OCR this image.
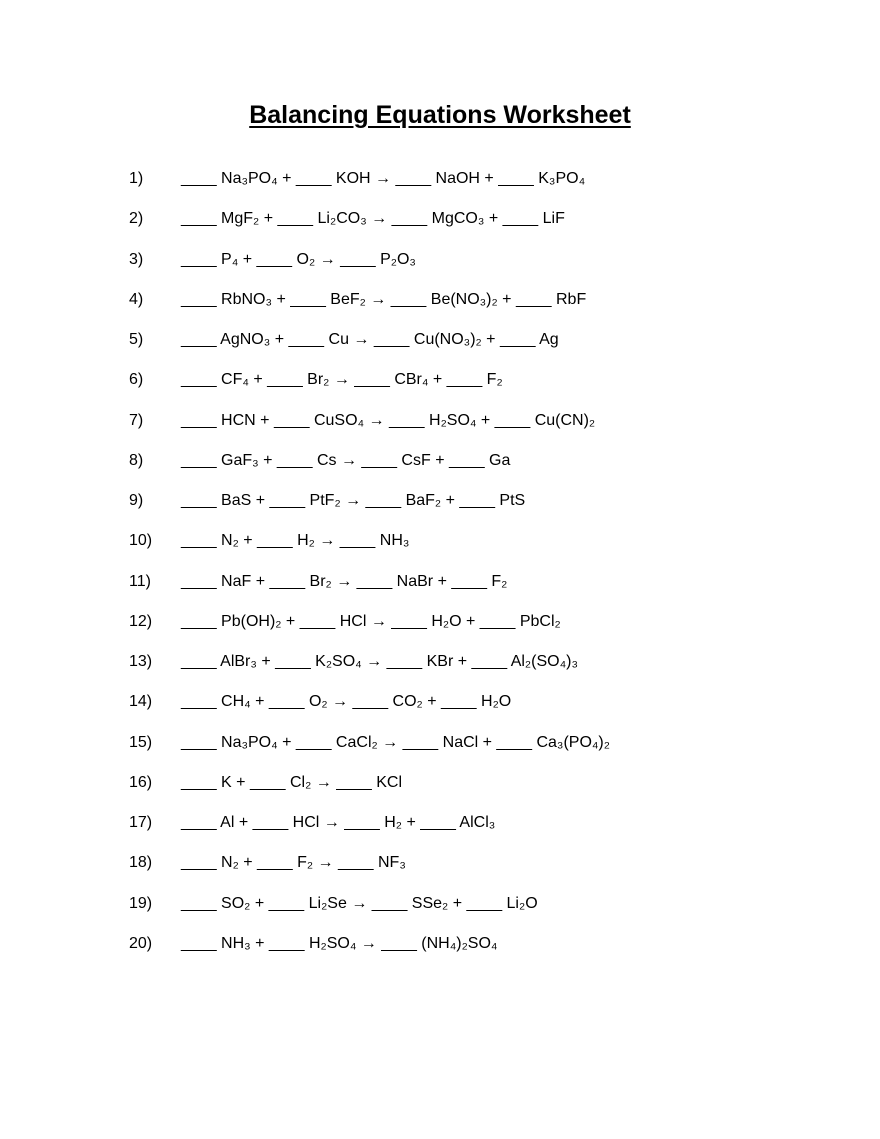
Balancing Equations Worksheet
1)	____ Na₃PO₄ + ____ KOH → ____ NaOH + ____ K₃PO₄
2)	____ MgF₂ + ____ Li₂CO₃ → ____ MgCO₃ + ____ LiF
3)	____ P₄ + ____ O₂ → ____ P₂O₃
4)	____ RbNO₃ + ____ BeF₂ → ____ Be(NO₃)₂ + ____ RbF
5)	____ AgNO₃ + ____ Cu → ____ Cu(NO₃)₂ + ____ Ag
6)	____ CF₄ + ____ Br₂ → ____ CBr₄ + ____ F₂
7)	____ HCN + ____ CuSO₄ → ____ H₂SO₄ + ____ Cu(CN)₂
8)	____ GaF₃ + ____ Cs → ____ CsF + ____ Ga
9)	____ BaS + ____ PtF₂ → ____ BaF₂ + ____ PtS
10)	____ N₂ + ____ H₂ → ____ NH₃
11)	____ NaF + ____ Br₂ → ____ NaBr + ____ F₂
12)	____ Pb(OH)₂ + ____ HCl → ____ H₂O + ____ PbCl₂
13)	____ AlBr₃ + ____ K₂SO₄ → ____ KBr + ____ Al₂(SO₄)₃
14)	____ CH₄ + ____ O₂ → ____ CO₂ + ____ H₂O
15)	____ Na₃PO₄ + ____ CaCl₂ → ____ NaCl + ____ Ca₃(PO₄)₂
16)	____ K + ____ Cl₂ → ____ KCl
17)	____ Al + ____ HCl → ____ H₂ + ____ AlCl₃
18)	____ N₂ + ____ F₂ → ____ NF₃
19)	____ SO₂ + ____ Li₂Se → ____ SSe₂ + ____ Li₂O
20)	____ NH₃ + ____ H₂SO₄ → ____ (NH₄)₂SO₄
